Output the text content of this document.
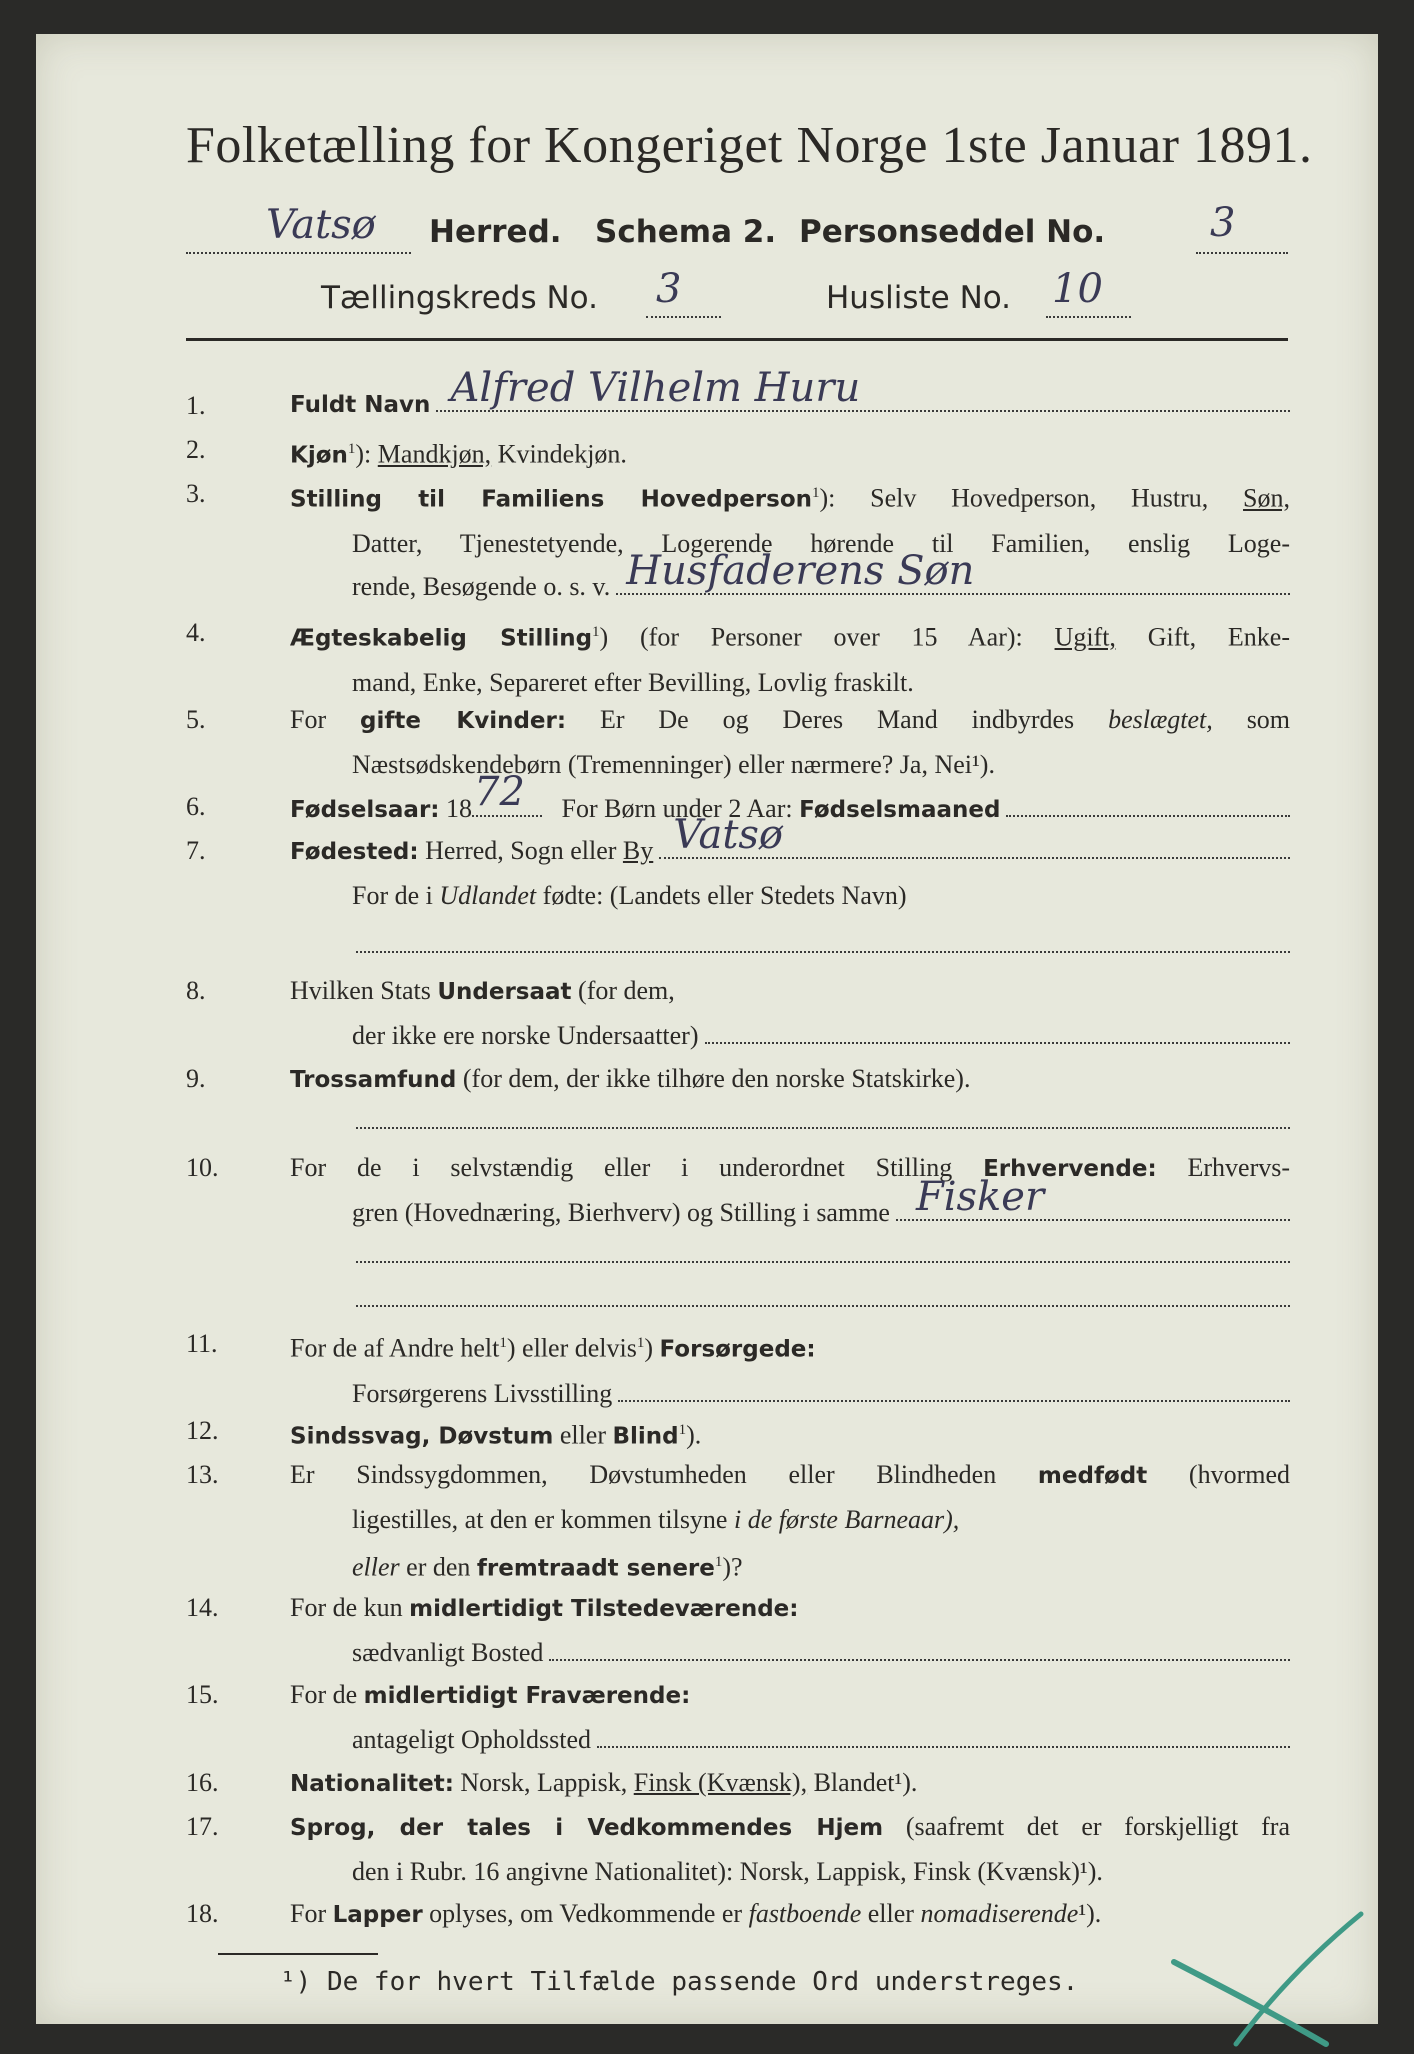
Folketælling for Kongeriget Norge 1ste Januar 1891.
Vatsø Herred. Schema 2. Personseddel No.	3
Tællingskreds No. 3	Husliste No. 10
1.	Fuldt Navn Alfred Vilhelm Huru
2.	Kjøn$^1$): Mandkjøn, Kvindekjøn.
3.	Stilling til Familiens Hovedperson$^1$): Selv Hovedperson, Hustru, Søn,
Datter, Tjenestetyende, Logerende hørende til Familien, enslig Loge-
rende, Besøgende o. s. v. Husfaderens Søn
4.	Ægteskabelig Stilling$^1$) (for Personer over 15 Aar): Ugift, Gift, Enke-
mand, Enke, Separeret efter Bevilling, Lovlig fraskilt.
5.	For gifte Kvinder: Er De og Deres Mand indbyrdes beslægtet, som
Næstsødskendebørn (Tremenninger) eller nærmere? Ja, Nei¹).
6.	Fødselsaar:
18 72
For Børn under 2 Aar:
Fødselsmaaned
7.	Fødested:
Herred, Sogn eller
By Vatsø
For de i Udlandet fødte: (Landets eller Stedets Navn)
8.	Hvilken Stats Undersaat (for dem,
der ikke ere norske Undersaatter)
9.	Trossamfund (for dem, der ikke tilhøre den norske Statskirke).
10.	For de i selvstændig eller i underordnet Stilling Erhvervende: Erhvervs-
gren (Hovednæring, Bierhverv) og Stilling i samme Fisker
11.	For de af Andre helt$^1$) eller delvis$^1$) Forsørgede:
Forsørgerens Livsstilling
12.	Sindssvag, Døvstum eller Blind$^1$).
13.	Er Sindssygdommen, Døvstumheden eller Blindheden medfødt (hvormed
ligestilles, at den er kommen tilsyne i de første Barneaar),
eller er den fremtraadt senere$^1$)?
14.	For de kun midlertidigt Tilstedeværende:
sædvanligt Bosted
15.	For de midlertidigt Fraværende:
antageligt Opholdssted
16.	Nationalitet: Norsk, Lappisk, Finsk (Kvænsk), Blandet¹).
17.	Sprog, der tales i Vedkommendes Hjem (saafremt det er forskjelligt fra
den i Rubr. 16 angivne Nationalitet): Norsk, Lappisk, Finsk (Kvænsk)¹).
18.	For Lapper oplyses, om Vedkommende er fastboende eller nomadiserende¹).
¹) De for hvert Tilfælde passende Ord understreges.
